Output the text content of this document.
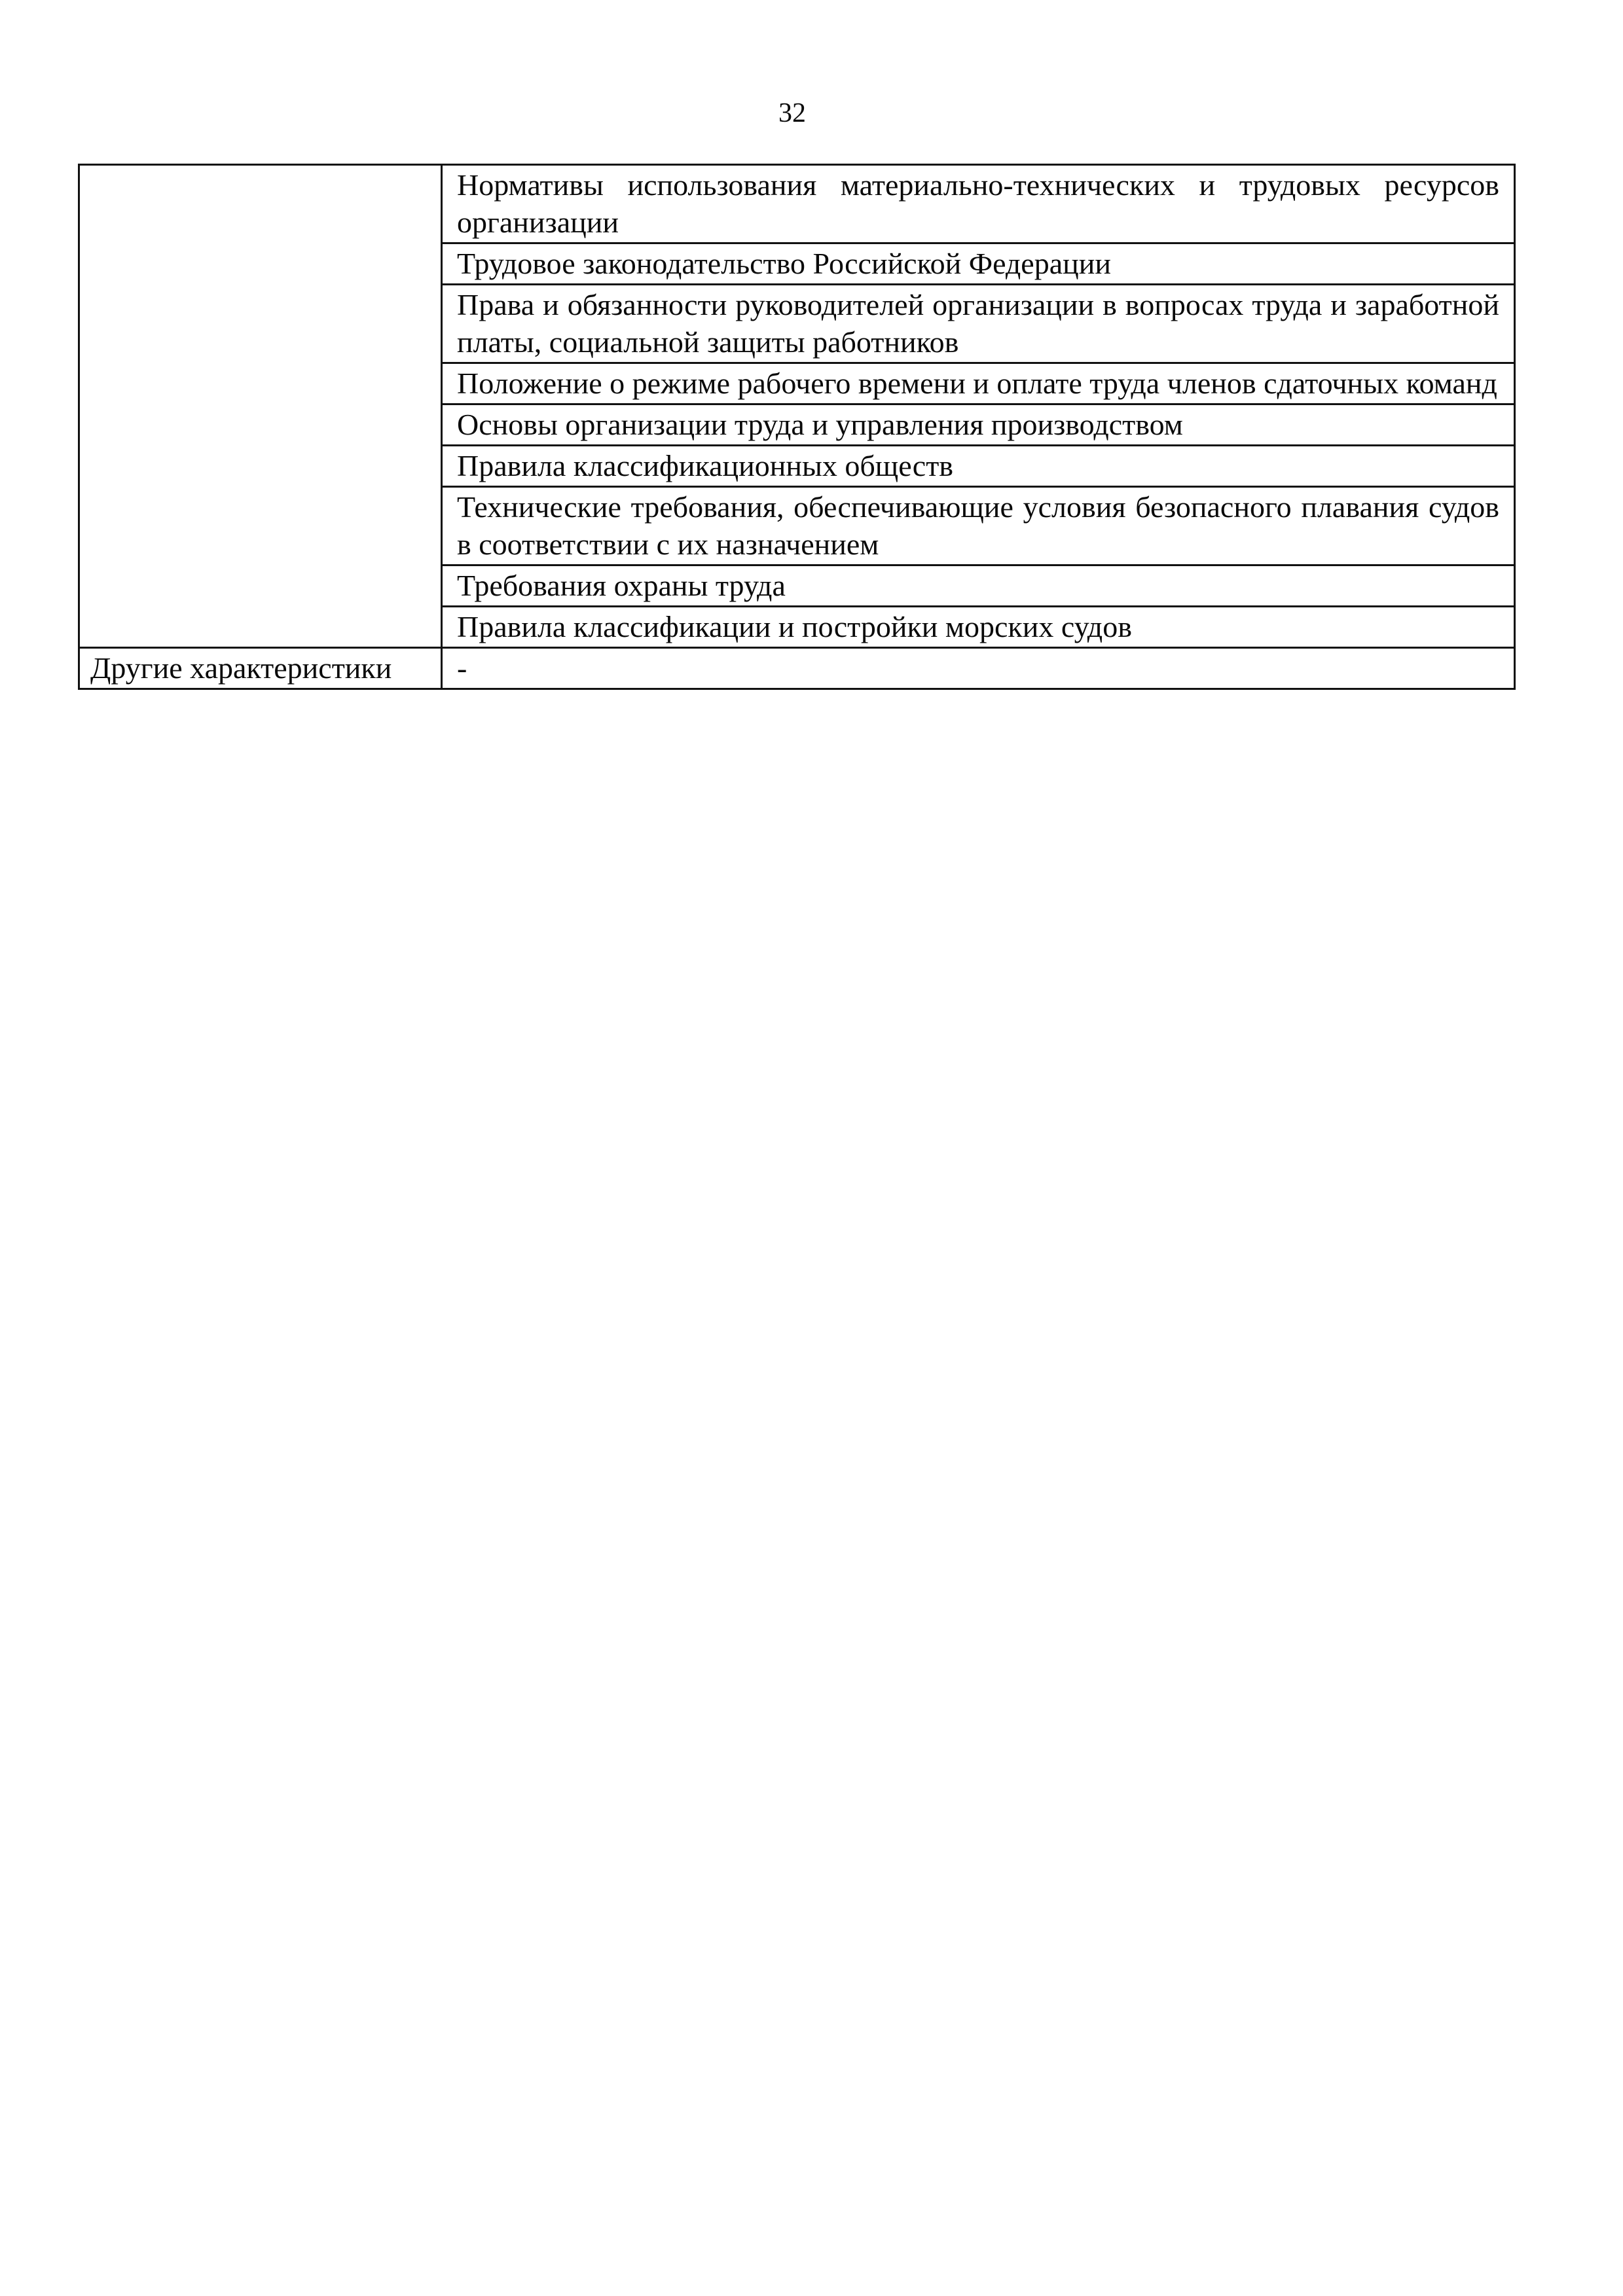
32
	Нормативы использования материально-технических и трудовых ресурсов организации
	Трудовое законодательство Российской Федерации
	Права и обязанности руководителей организации в вопросах труда и заработной платы, социальной защиты работников
	Положение о режиме рабочего времени и оплате труда членов сдаточных команд
	Основы организации труда и управления производством
	Правила классификационных обществ
	Технические требования, обеспечивающие условия безопасного плавания судов в соответствии с их назначением
	Требования охраны труда
	Правила классификации и постройки морских судов
Другие характеристики	-
